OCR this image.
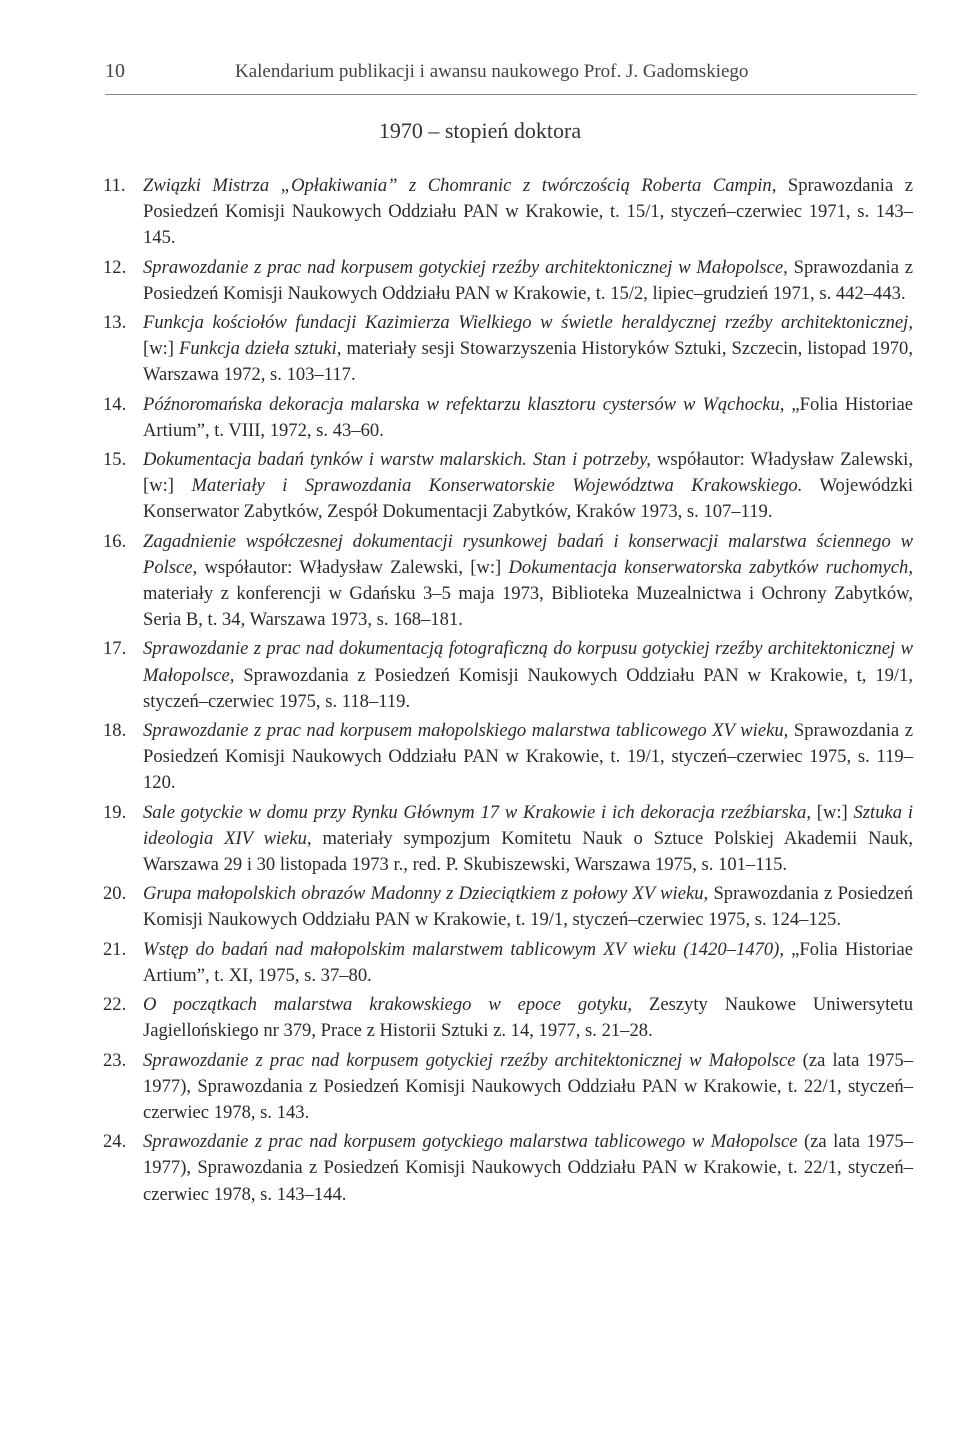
10	Kalendarium publikacji i awansu naukowego Prof. J. Gadomskiego
1970 – stopień doktora
11. Związki Mistrza „Opłakiwania” z Chomranic z twórczością Roberta Campin, Sprawozdania z Posiedzeń Komisji Naukowych Oddziału PAN w Krakowie, t. 15/1, styczeń–czerwiec 1971, s. 143–145.
12. Sprawozdanie z prac nad korpusem gotyckiej rzeźby architektonicznej w Małopolsce, Sprawozdania z Posiedzeń Komisji Naukowych Oddziału PAN w Krakowie, t. 15/2, lipiec–grudzień 1971, s. 442–443.
13. Funkcja kościołów fundacji Kazimierza Wielkiego w świetle heraldycznej rzeźby architektonicznej, [w:] Funkcja dzieła sztuki, materiały sesji Stowarzyszenia Historyków Sztuki, Szczecin, listopad 1970, Warszawa 1972, s. 103–117.
14. Późnoromańska dekoracja malarska w refektarzu klasztoru cystersów w Wąchocku, „Folia Historiae Artium”, t. VIII, 1972, s. 43–60.
15. Dokumentacja badań tynków i warstw malarskich. Stan i potrzeby, współautor: Władysław Zalewski, [w:] Materiały i Sprawozdania Konserwatorskie Województwa Krakowskiego. Wojewódzki Konserwator Zabytków, Zespół Dokumentacji Zabytków, Kraków 1973, s. 107–119.
16. Zagadnienie współczesnej dokumentacji rysunkowej badań i konserwacji malarstwa ściennego w Polsce, współautor: Władysław Zalewski, [w:] Dokumentacja konserwatorska zabytków ruchomych, materiały z konferencji w Gdańsku 3–5 maja 1973, Biblioteka Muzealnictwa i Ochrony Zabytków, Seria B, t. 34, Warszawa 1973, s. 168–181.
17. Sprawozdanie z prac nad dokumentacją fotograficzną do korpusu gotyckiej rzeźby architektonicznej w Małopolsce, Sprawozdania z Posiedzeń Komisji Naukowych Oddziału PAN w Krakowie, t, 19/1, styczeń–czerwiec 1975, s. 118–119.
18. Sprawozdanie z prac nad korpusem małopolskiego malarstwa tablicowego XV wieku, Sprawozdania z Posiedzeń Komisji Naukowych Oddziału PAN w Krakowie, t. 19/1, styczeń–czerwiec 1975, s. 119–120.
19. Sale gotyckie w domu przy Rynku Głównym 17 w Krakowie i ich dekoracja rzeźbiarska, [w:] Sztuka i ideologia XIV wieku, materiały sympozjum Komitetu Nauk o Sztuce Polskiej Akademii Nauk, Warszawa 29 i 30 listopada 1973 r., red. P. Skubiszewski, Warszawa 1975, s. 101–115.
20. Grupa małopolskich obrazów Madonny z Dzieciątkiem z połowy XV wieku, Sprawozdania z Posiedzeń Komisji Naukowych Oddziału PAN w Krakowie, t. 19/1, styczeń–czerwiec 1975, s. 124–125.
21. Wstęp do badań nad małopolskim malarstwem tablicowym XV wieku (1420–1470), „Folia Historiae Artium”, t. XI, 1975, s. 37–80.
22. O początkach malarstwa krakowskiego w epoce gotyku, Zeszyty Naukowe Uniwersytetu Jagiellońskiego nr 379, Prace z Historii Sztuki z. 14, 1977, s. 21–28.
23. Sprawozdanie z prac nad korpusem gotyckiej rzeźby architektonicznej w Małopolsce (za lata 1975–1977), Sprawozdania z Posiedzeń Komisji Naukowych Oddziału PAN w Krakowie, t. 22/1, styczeń–czerwiec 1978, s. 143.
24. Sprawozdanie z prac nad korpusem gotyckiego malarstwa tablicowego w Małopolsce (za lata 1975–1977), Sprawozdania z Posiedzeń Komisji Naukowych Oddziału PAN w Krakowie, t. 22/1, styczeń–czerwiec 1978, s. 143–144.
